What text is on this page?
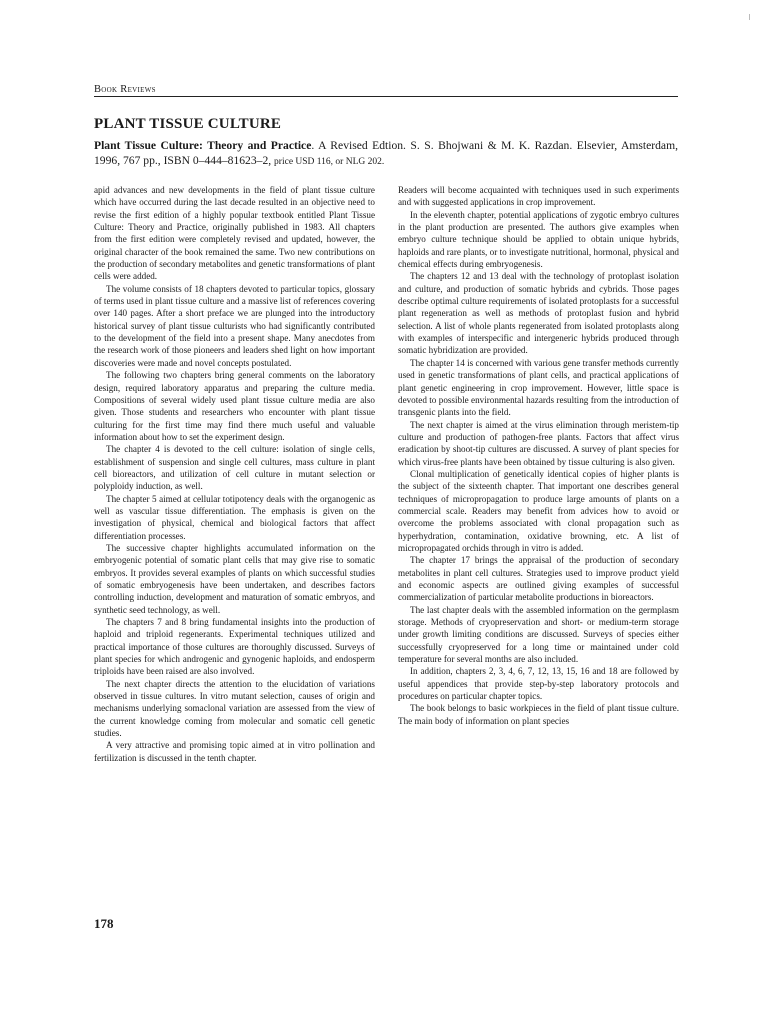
Book Reviews
PLANT TISSUE CULTURE
Plant Tissue Culture: Theory and Practice. A Revised Edtion. S. S. Bhojwani & M. K. Razdan. Elsevier, Amsterdam, 1996, 767 pp., ISBN 0–444–81623–2, price USD 116, or NLG 202.

apid advances and new developments in the field of plant tissue culture which have occurred during the last decade resulted in an objective need to revise the first edition of a highly popular textbook entitled Plant Tissue Culture: Theory and Practice, originally published in 1983. All chapters from the first edition were completely revised and updated, however, the original character of the book remained the same. Two new contributions on the production of secondary metabolites and genetic transformations of plant cells were added.

The volume consists of 18 chapters devoted to particular topics, glossary of terms used in plant tissue culture and a massive list of references covering over 140 pages. After a short preface we are plunged into the introductory historical survey of plant tissue culturists who had significantly contributed to the development of the field into a present shape. Many anecdotes from the research work of those pioneers and leaders shed light on how important discoveries were made and novel concepts postulated.

The following two chapters bring general comments on the laboratory design, required laboratory apparatus and preparing the culture media. Compositions of several widely used plant tissue culture media are also given. Those students and researchers who encounter with plant tissue culturing for the first time may find there much useful and valuable information about how to set the experiment design.

The chapter 4 is devoted to the cell culture: isolation of single cells, establishment of suspension and single cell cultures, mass culture in plant cell bioreactors, and utilization of cell culture in mutant selection or polyploidy induction, as well.

The chapter 5 aimed at cellular totipotency deals with the organogenic as well as vascular tissue differentiation. The emphasis is given on the investigation of physical, chemical and biological factors that affect differentiation processes.

The successive chapter highlights accumulated information on the embryogenic potential of somatic plant cells that may give rise to somatic embryos. It provides several examples of plants on which successful studies of somatic embryogenesis have been undertaken, and describes factors controlling induction, development and maturation of somatic embryos, and synthetic seed technology, as well.

The chapters 7 and 8 bring fundamental insights into the production of haploid and triploid regenerants. Experimental techniques utilized and practical importance of those cultures are thoroughly discussed. Surveys of plant species for which androgenic and gynogenic haploids, and endosperm triploids have been raised are also involved.

The next chapter directs the attention to the elucidation of variations observed in tissue cultures. In vitro mutant selection, causes of origin and mechanisms underlying somaclonal variation are assessed from the view of the current knowledge coming from molecular and somatic cell genetic studies.

A very attractive and promising topic aimed at in vitro pollination and fertilization is discussed in the tenth chapter.

Readers will become acquainted with techniques used in such experiments and with suggested applications in crop improvement.

In the eleventh chapter, potential applications of zygotic embryo cultures in the plant production are presented. The authors give examples when embryo culture technique should be applied to obtain unique hybrids, haploids and rare plants, or to investigate nutritional, hormonal, physical and chemical effects during embryogenesis.

The chapters 12 and 13 deal with the technology of protoplast isolation and culture, and production of somatic hybrids and cybrids. Those pages describe optimal culture requirements of isolated protoplasts for a successful plant regeneration as well as methods of protoplast fusion and hybrid selection. A list of whole plants regenerated from isolated protoplasts along with examples of interspecific and intergeneric hybrids produced through somatic hybridization are provided.

The chapter 14 is concerned with various gene transfer methods currently used in genetic transformations of plant cells, and practical applications of plant genetic engineering in crop improvement. However, little space is devoted to possible environmental hazards resulting from the introduction of transgenic plants into the field.

The next chapter is aimed at the virus elimination through meristem-tip culture and production of pathogen-free plants. Factors that affect virus eradication by shoot-tip cultures are discussed. A survey of plant species for which virus-free plants have been obtained by tissue culturing is also given.

Clonal multiplication of genetically identical copies of higher plants is the subject of the sixteenth chapter. That important one describes general techniques of micropropagation to produce large amounts of plants on a commercial scale. Readers may benefit from advices how to avoid or overcome the problems associated with clonal propagation such as hyperhydration, contamination, oxidative browning, etc. A list of micropropagated orchids through in vitro is added.

The chapter 17 brings the appraisal of the production of secondary metabolites in plant cell cultures. Strategies used to improve product yield and economic aspects are outlined giving examples of successful commercialization of particular metabolite productions in bioreactors.

The last chapter deals with the assembled information on the germplasm storage. Methods of cryopreservation and short- or medium-term storage under growth limiting conditions are discussed. Surveys of species either successfully cryopreserved for a long time or maintained under cold temperature for several months are also included.

In addition, chapters 2, 3, 4, 6, 7, 12, 13, 15, 16 and 18 are followed by useful appendices that provide step-by-step laboratory protocols and procedures on particular chapter topics.

The book belongs to basic workpieces in the field of plant tissue culture. The main body of information on plant species

178
